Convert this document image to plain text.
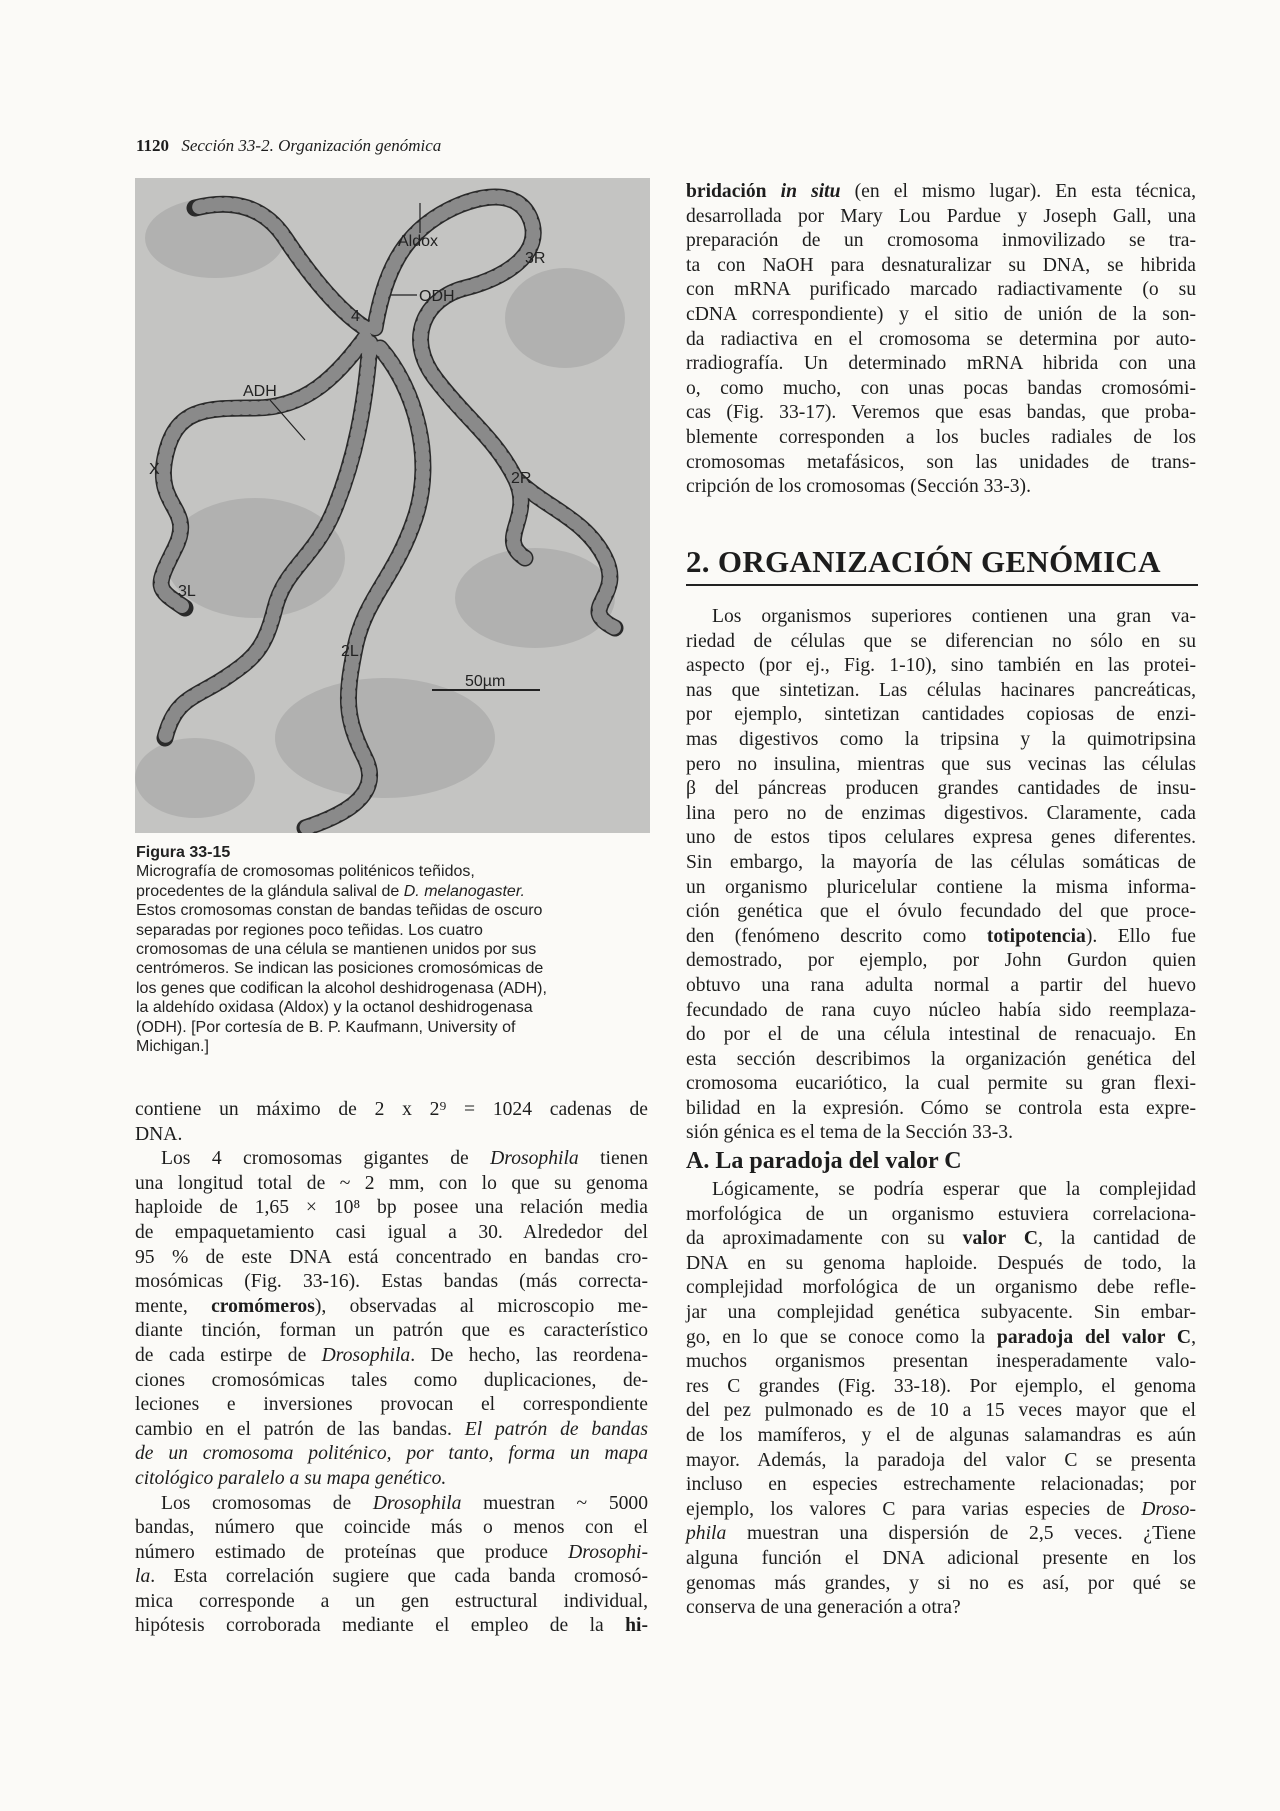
1120 Sección 33-2. Organización genómica
Aldox
3R
ODH
4
ADH
X
2R
3L
2L
50µm
Figura 33-15
Micrografía de cromosomas politénicos teñidos,
procedentes de la glándula salival de D. melanogaster.
Estos cromosomas constan de bandas teñidas de oscuro
separadas por regiones poco teñidas. Los cuatro
cromosomas de una célula se mantienen unidos por sus
centrómeros. Se indican las posiciones cromosómicas de
los genes que codifican la alcohol deshidrogenasa (ADH),
la aldehído oxidasa (Aldox) y la octanol deshidrogenasa
(ODH). [Por cortesía de B. P. Kaufmann, University of
Michigan.]
contiene un máximo de 2 x 2⁹ = 1024 cadenas de
DNA.
Los 4 cromosomas gigantes de Drosophila tienen
una longitud total de ~ 2 mm, con lo que su genoma
haploide de 1,65 × 10⁸ bp posee una relación media
de empaquetamiento casi igual a 30. Alrededor del
95 % de este DNA está concentrado en bandas cro-
mosómicas (Fig. 33-16). Estas bandas (más correcta-
mente, cromómeros), observadas al microscopio me-
diante tinción, forman un patrón que es característico
de cada estirpe de Drosophila. De hecho, las reordena-
ciones cromosómicas tales como duplicaciones, de-
leciones e inversiones provocan el correspondiente
cambio en el patrón de las bandas. El patrón de bandas
de un cromosoma politénico, por tanto, forma un mapa
citológico paralelo a su mapa genético.
Los cromosomas de Drosophila muestran ~ 5000
bandas, número que coincide más o menos con el
número estimado de proteínas que produce Drosophi-
la. Esta correlación sugiere que cada banda cromosó-
mica corresponde a un gen estructural individual,
hipótesis corroborada mediante el empleo de la hi-
bridación in situ (en el mismo lugar). En esta técnica,
desarrollada por Mary Lou Pardue y Joseph Gall, una
preparación de un cromosoma inmovilizado se tra-
ta con NaOH para desnaturalizar su DNA, se hibrida
con mRNA purificado marcado radiactivamente (o su
cDNA correspondiente) y el sitio de unión de la son-
da radiactiva en el cromosoma se determina por auto-
rradiografía. Un determinado mRNA hibrida con una
o, como mucho, con unas pocas bandas cromosómi-
cas (Fig. 33-17). Veremos que esas bandas, que proba-
blemente corresponden a los bucles radiales de los
cromosomas metafásicos, son las unidades de trans-
cripción de los cromosomas (Sección 33-3).
2. ORGANIZACIÓN GENÓMICA
Los organismos superiores contienen una gran va-
riedad de células que se diferencian no sólo en su
aspecto (por ej., Fig. 1-10), sino también en las protei-
nas que sintetizan. Las células hacinares pancreáticas,
por ejemplo, sintetizan cantidades copiosas de enzi-
mas digestivos como la tripsina y la quimotripsina
pero no insulina, mientras que sus vecinas las células
β del páncreas producen grandes cantidades de insu-
lina pero no de enzimas digestivos. Claramente, cada
uno de estos tipos celulares expresa genes diferentes.
Sin embargo, la mayoría de las células somáticas de
un organismo pluricelular contiene la misma informa-
ción genética que el óvulo fecundado del que proce-
den (fenómeno descrito como totipotencia). Ello fue
demostrado, por ejemplo, por John Gurdon quien
obtuvo una rana adulta normal a partir del huevo
fecundado de rana cuyo núcleo había sido reemplaza-
do por el de una célula intestinal de renacuajo. En
esta sección describimos la organización genética del
cromosoma eucariótico, la cual permite su gran flexi-
bilidad en la expresión. Cómo se controla esta expre-
sión génica es el tema de la Sección 33-3.
A. La paradoja del valor C
Lógicamente, se podría esperar que la complejidad
morfológica de un organismo estuviera correlaciona-
da aproximadamente con su valor C, la cantidad de
DNA en su genoma haploide. Después de todo, la
complejidad morfológica de un organismo debe refle-
jar una complejidad genética subyacente. Sin embar-
go, en lo que se conoce como la paradoja del valor C,
muchos organismos presentan inesperadamente valo-
res C grandes (Fig. 33-18). Por ejemplo, el genoma
del pez pulmonado es de 10 a 15 veces mayor que el
de los mamíferos, y el de algunas salamandras es aún
mayor. Además, la paradoja del valor C se presenta
incluso en especies estrechamente relacionadas; por
ejemplo, los valores C para varias especies de Droso-
phila muestran una dispersión de 2,5 veces. ¿Tiene
alguna función el DNA adicional presente en los
genomas más grandes, y si no es así, por qué se
conserva de una generación a otra?
